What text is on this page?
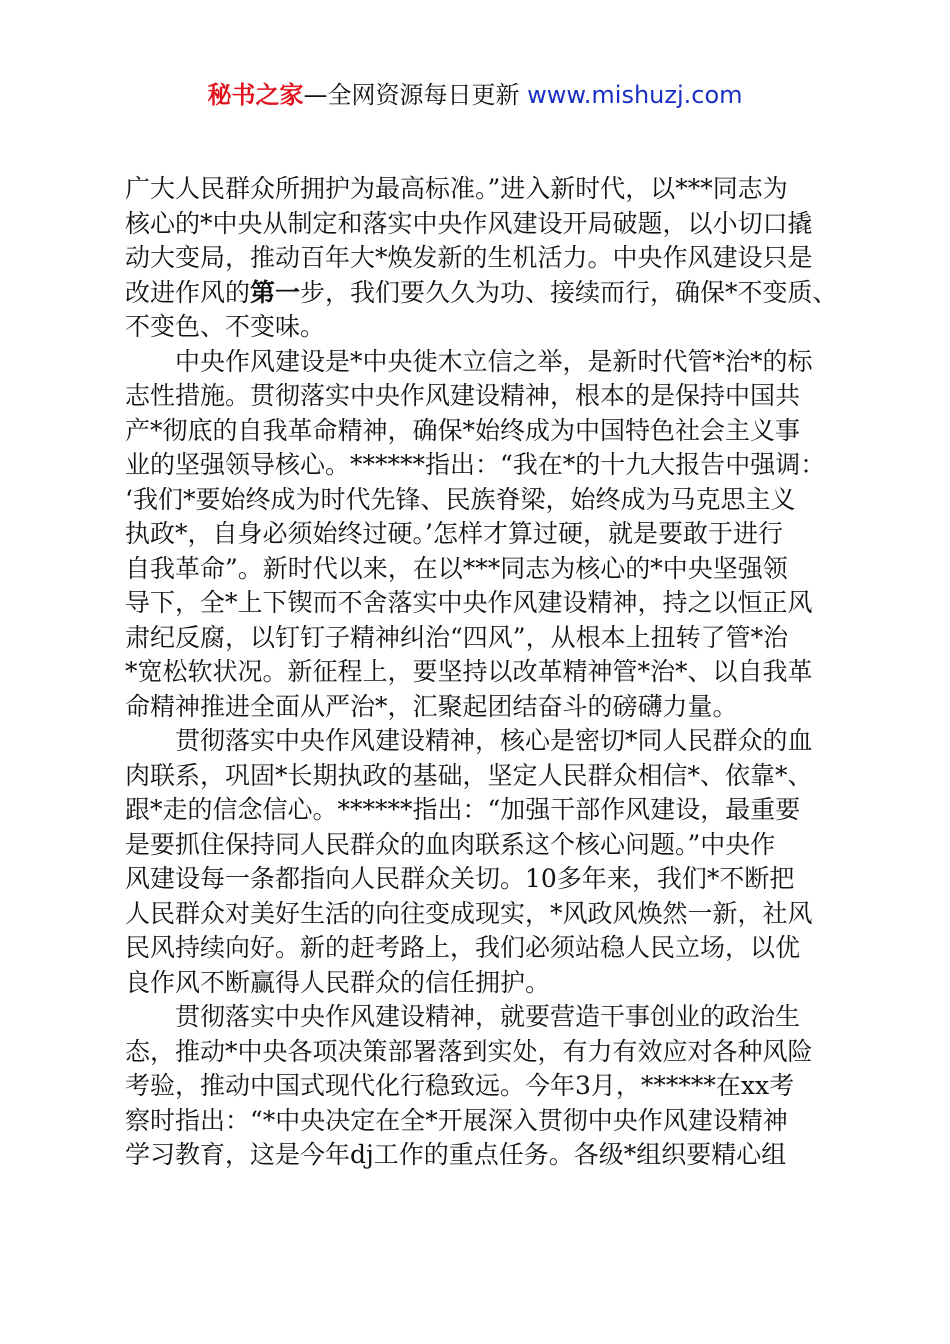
秘书之家—全网资源每日更新 www.mishuzj.com

广大人民群众所拥护为最高标准。”进入新时代，以***同志为

核心的*中央从制定和落实中央作风建设开局破题，以小切口撬

动大变局，推动百年大*焕发新的生机活力。中央作风建设只是

改进作风的第一步，我们要久久为功、接续而行，确保*不变质、

不变色、不变味。

中央作风建设是*中央徙木立信之举，是新时代管*治*的标

志性措施。贯彻落实中央作风建设精神，根本的是保持中国共

产*彻底的自我革命精神，确保*始终成为中国特色社会主义事

业的坚强领导核心。******指出：“我在*的十九大报告中强调：

‘我们*要始终成为时代先锋、民族脊梁，始终成为马克思主义

执政*，自身必须始终过硬。’怎样才算过硬，就是要敢于进行

自我革命”。新时代以来，在以***同志为核心的*中央坚强领

导下，全*上下锲而不舍落实中央作风建设精神，持之以恒正风

肃纪反腐，以钉钉子精神纠治“四风”，从根本上扭转了管*治

*宽松软状况。新征程上，要坚持以改革精神管*治*、以自我革

命精神推进全面从严治*，汇聚起团结奋斗的磅礴力量。

贯彻落实中央作风建设精神，核心是密切*同人民群众的血

肉联系，巩固*长期执政的基础，坚定人民群众相信*、依靠*、

跟*走的信念信心。******指出：“加强干部作风建设，最重要

是要抓住保持同人民群众的血肉联系这个核心问题。”中央作

风建设每一条都指向人民群众关切。10多年来，我们*不断把

人民群众对美好生活的向往变成现实，*风政风焕然一新，社风

民风持续向好。新的赶考路上，我们必须站稳人民立场，以优

良作风不断赢得人民群众的信任拥护。

贯彻落实中央作风建设精神，就要营造干事创业的政治生

态，推动*中央各项决策部署落到实处，有力有效应对各种风险

考验，推动中国式现代化行稳致远。今年3月，******在xx考

察时指出：“*中央决定在全*开展深入贯彻中央作风建设精神

学习教育，这是今年dj工作的重点任务。各级*组织要精心组
